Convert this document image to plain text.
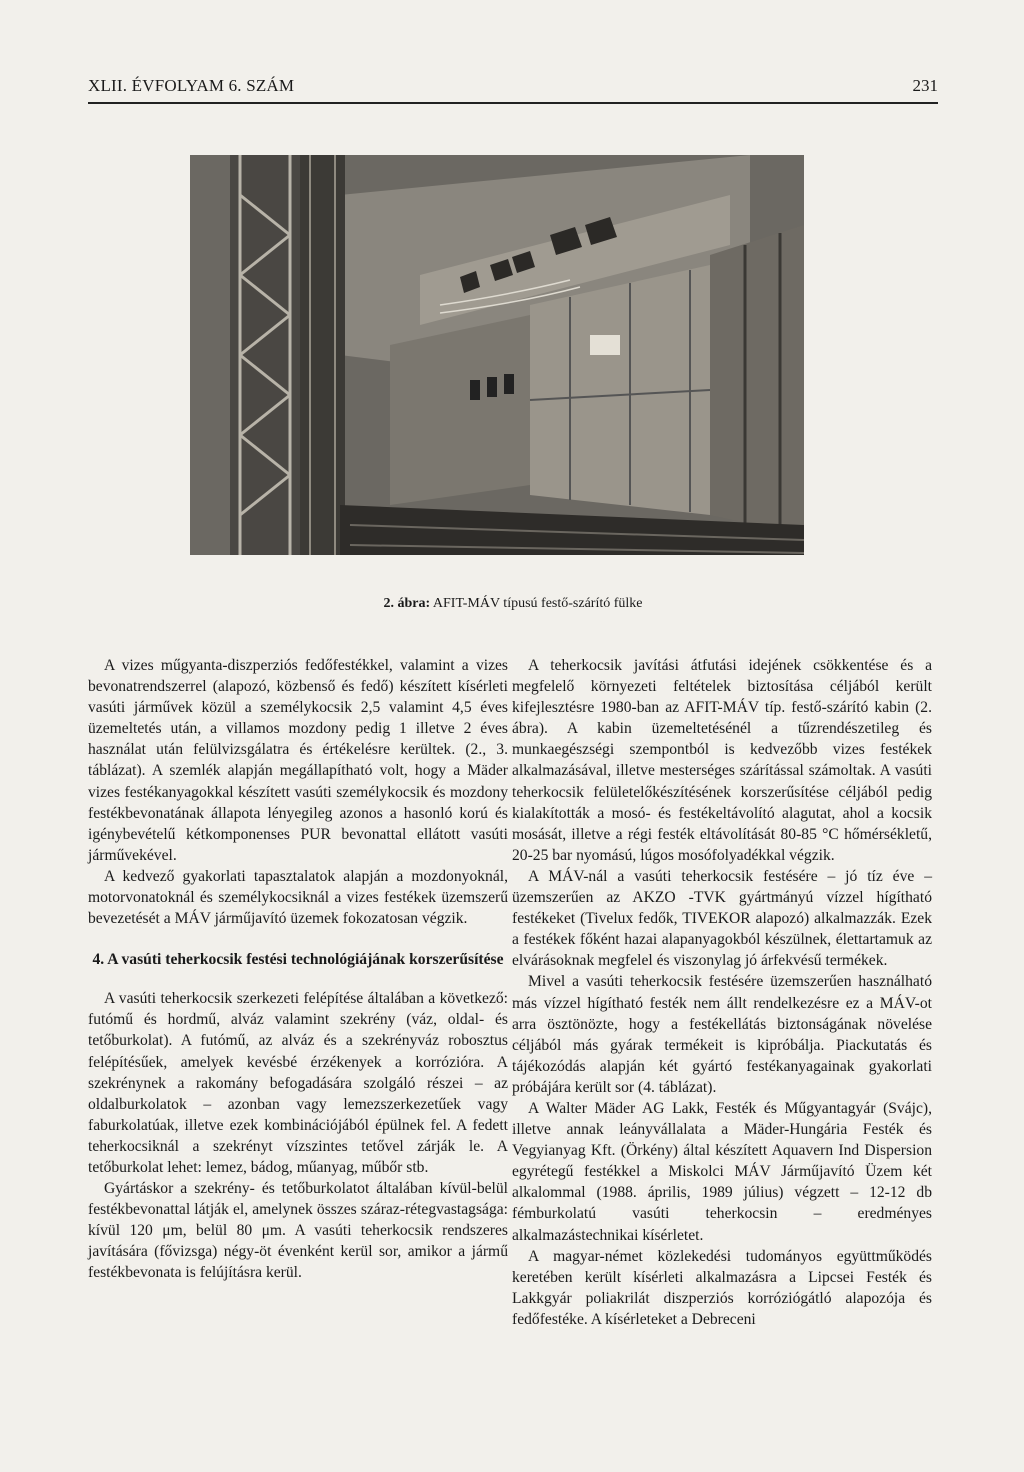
XLII. ÉVFOLYAM 6. SZÁM	231
2. ábra: AFIT-MÁV típusú festő-szárító fülke

A vizes műgyanta-diszperziós fedőfestékkel, valamint a vizes bevonatrendszerrel (alapozó, közbenső és fedő) készített kísérleti vasúti járművek közül a személykocsik 2,5 valamint 4,5 éves üzemeltetés után, a villamos mozdony pedig 1 illetve 2 éves használat után felülvizsgálatra és értékelésre kerültek. (2., 3. táblázat). A szemlék alapján megállapítható volt, hogy a Mäder vizes festékanyagokkal készített vasúti személykocsik és mozdony festékbevonatának állapota lényegileg azonos a hasonló korú és igénybevételű kétkomponenses PUR bevonattal ellátott vasúti járművekével.

A kedvező gyakorlati tapasztalatok alapján a mozdonyoknál, motorvonatoknál és személykocsiknál a vizes festékek üzemszerű bevezetését a MÁV járműjavító üzemek fokozatosan végzik.

4. A vasúti teherkocsik festési technológiájának korszerűsítése

A vasúti teherkocsik szerkezeti felépítése általában a következő: futómű és hordmű, alváz valamint szekrény (váz, oldal- és tetőburkolat). A futómű, az alváz és a szekrényváz robosztus felépítésűek, amelyek kevésbé érzékenyek a korrózióra. A szekrénynek a rakomány befogadására szolgáló részei – az oldalburkolatok – azonban vagy lemezszerkezetűek vagy faburkolatúak, illetve ezek kombinációjából épülnek fel. A fedett teherkocsiknál a szekrényt vízszintes tetővel zárják le. A tetőburkolat lehet: lemez, bádog, műanyag, műbőr stb.

Gyártáskor a szekrény- és tetőburkolatot általában kívül-belül festékbevonattal látják el, amelynek összes száraz-rétegvastagsága: kívül 120 μm, belül 80 μm. A vasúti teherkocsik rendszeres javítására (fővizsga) négy-öt évenként kerül sor, amikor a jármű festékbevonata is felújításra kerül.

A teherkocsik javítási átfutási idejének csökkentése és a megfelelő környezeti feltételek biztosítása céljából került kifejlesztésre 1980-ban az AFIT-MÁV típ. festő-szárító kabin (2. ábra). A kabin üzemeltetésénél a tűzrendészetileg és munkaegészségi szempontból is kedvezőbb vizes festékek alkalmazásával, illetve mesterséges szárítással számoltak. A vasúti teherkocsik felületelőkészítésének korszerűsítése céljából pedig kialakították a mosó- és festékeltávolító alagutat, ahol a kocsik mosását, illetve a régi festék eltávolítását 80-85 °C hőmérsékletű, 20-25 bar nyomású, lúgos mosófolyadékkal végzik.

A MÁV-nál a vasúti teherkocsik festésére – jó tíz éve – üzemszerűen az AKZO -TVK gyártmányú vízzel hígítható festékeket (Tivelux fedők, TIVEKOR alapozó) alkalmazzák. Ezek a festékek főként hazai alapanyagokból készülnek, élettartamuk az elvárásoknak megfelel és viszonylag jó árfekvésű termékek.

Mivel a vasúti teherkocsik festésére üzemszerűen használható más vízzel hígítható festék nem állt rendelkezésre ez a MÁV-ot arra ösztönözte, hogy a festékellátás biztonságának növelése céljából más gyárak termékeit is kipróbálja. Piackutatás és tájékozódás alapján két gyártó festékanyagainak gyakorlati próbájára került sor (4. táblázat).

A Walter Mäder AG Lakk, Festék és Műgyantagyár (Svájc), illetve annak leányvállalata a Mäder-Hungária Festék és Vegyianyag Kft. (Örkény) által készített Aquavern Ind Dispersion egyrétegű festékkel a Miskolci MÁV Járműjavító Üzem két alkalommal (1988. április, 1989 július) végzett – 12-12 db fémburkolatú vasúti teherkocsin – eredményes alkalmazástechnikai kísérletet.

A magyar-német közlekedési tudományos együttműködés keretében került kísérleti alkalmazásra a Lipcsei Festék és Lakkgyár poliakrilát diszperziós korróziógátló alapozója és fedőfestéke. A kísérleteket a Debreceni
